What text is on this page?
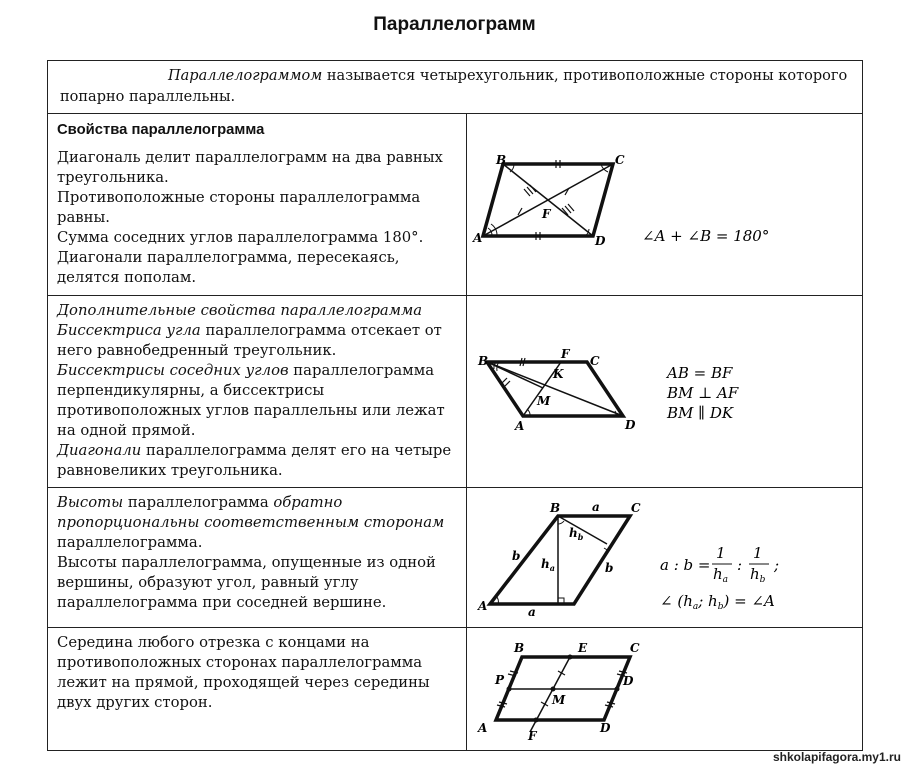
Параллелограмм
Параллелограммом называется четырехугольник, противоположные стороны которого попарно параллельны.

Свойства параллелограмма

Диагональ делит параллелограмм на два равных треугольника.

Противоположные стороны параллелограмма равны.

Сумма соседних углов параллелограмма 180°.

Диагонали параллелограмма, пересекаясь, делятся пополам.

B	C
A	D
F
∠A + ∠B = 180°

Дополнительные свойства параллелограмма

Биссектриса угла параллелограмма отсекает от него равнобедренный треугольник.

Биссектрисы соседних углов параллелограмма перпендикулярны, а биссектрисы противоположных углов параллельны или лежат на одной прямой.

Диагонали параллелограмма делят его на четыре равновеликих треугольника.

B	F C
A	D
K
M
AB = BF
BM ⊥ AF
BM ∥ DK

Высоты параллелограмма обратно пропорциональны соответственным сторонам параллелограмма.

Высоты параллелограмма, опущенные из одной вершины, образуют угол, равный углу параллелограмма при соседней вершине.

B	C
A
a
a
b
b
$h_a$
$h_b$
a : b =
1
$h_a$
:
1
$h_b$
;
∠ ($h_a$; $h_b$) = ∠A

Середина любого отрезка с концами на противоположных сторонах параллелограмма лежит на прямой, проходящей через середины двух других сторон.

B	E	C
P	D
M
A	D
F
shkolapifagora.my1.ru
